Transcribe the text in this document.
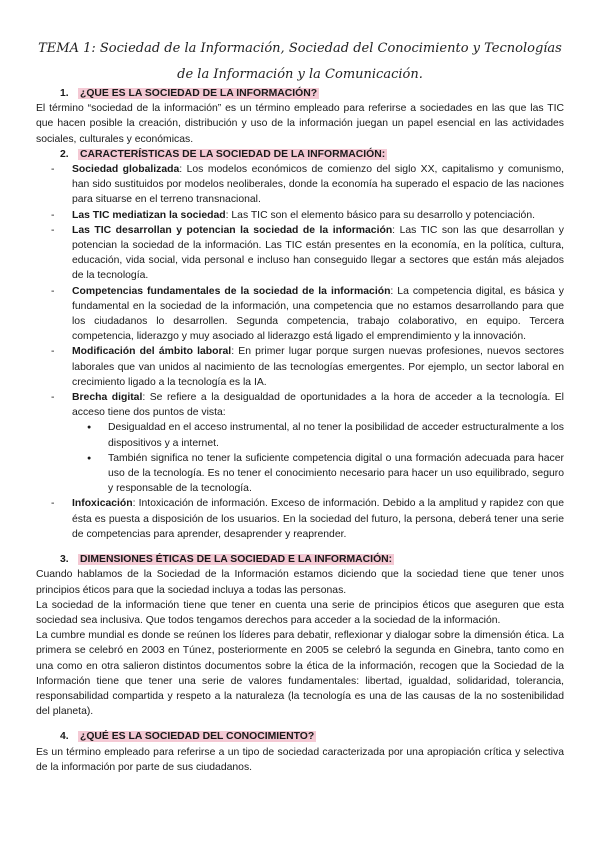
TEMA 1: Sociedad de la Información, Sociedad del Conocimiento y Tecnologías de la Información y la Comunicación.
1. ¿QUE ES LA SOCIEDAD DE LA INFORMACIÓN?

El término “sociedad de la información” es un término empleado para referirse a sociedades en las que las TIC que hacen posible la creación, distribución y uso de la información juegan un papel esencial en las actividades sociales, culturales y económicas.

2. CARACTERÍSTICAS DE LA SOCIEDAD DE LA INFORMACIÓN:
- Sociedad globalizada: Los modelos económicos de comienzo del siglo XX, capitalismo y comunismo, han sido sustituidos por modelos neoliberales, donde la economía ha superado el espacio de las naciones para situarse en el terreno transnacional.
- Las TIC mediatizan la sociedad: Las TIC son el elemento básico para su desarrollo y potenciación.
- Las TIC desarrollan y potencian la sociedad de la información: Las TIC son las que desarrollan y potencian la sociedad de la información. Las TIC están presentes en la economía, en la política, cultura, educación, vida social, vida personal e incluso han conseguido llegar a sectores que están más alejados de la tecnología.
- Competencias fundamentales de la sociedad de la información: La competencia digital, es básica y fundamental en la sociedad de la información, una competencia que no estamos desarrollando para que los ciudadanos lo desarrollen. Segunda competencia, trabajo colaborativo, en equipo. Tercera competencia, liderazgo y muy asociado al liderazgo está ligado el emprendimiento y la innovación.
- Modificación del ámbito laboral: En primer lugar porque surgen nuevas profesiones, nuevos sectores laborales que van unidos al nacimiento de las tecnologías emergentes. Por ejemplo, un sector laboral en crecimiento ligado a la tecnología es la IA.
- Brecha digital: Se refiere a la desigualdad de oportunidades a la hora de acceder a la tecnología. El acceso tiene dos puntos de vista:
● Desigualdad en el acceso instrumental, al no tener la posibilidad de acceder estructuralmente a los dispositivos y a internet.
● También significa no tener la suficiente competencia digital o una formación adecuada para hacer uso de la tecnología. Es no tener el conocimiento necesario para hacer un uso equilibrado, seguro y responsable de la tecnología.
- Infoxicación: Intoxicación de información. Exceso de información. Debido a la amplitud y rapidez con que ésta es puesta a disposición de los usuarios. En la sociedad del futuro, la persona, deberá tener una serie de competencias para aprender, desaprender y reaprender.
3. DIMENSIONES ÉTICAS DE LA SOCIEDAD E LA INFORMACIÓN:

Cuando hablamos de la Sociedad de la Información estamos diciendo que la sociedad tiene que tener unos principios éticos para que la sociedad incluya a todas las personas.

La sociedad de la información tiene que tener en cuenta una serie de principios éticos que aseguren que esta sociedad sea inclusiva. Que todos tengamos derechos para acceder a la sociedad de la información.

La cumbre mundial es donde se reúnen los líderes para debatir, reflexionar y dialogar sobre la dimensión ética. La primera se celebró en 2003 en Túnez, posteriormente en 2005 se celebró la segunda en Ginebra, tanto como en una como en otra salieron distintos documentos sobre la ética de la información, recogen que la Sociedad de la Información tiene que tener una serie de valores fundamentales: libertad, igualdad, solidaridad, tolerancia, responsabilidad compartida y respeto a la naturaleza (la tecnología es una de las causas de la no sostenibilidad del planeta).

4. ¿QUÉ ES LA SOCIEDAD DEL CONOCIMIENTO?

Es un término empleado para referirse a un tipo de sociedad caracterizada por una apropiación crítica y selectiva de la información por parte de sus ciudadanos.
